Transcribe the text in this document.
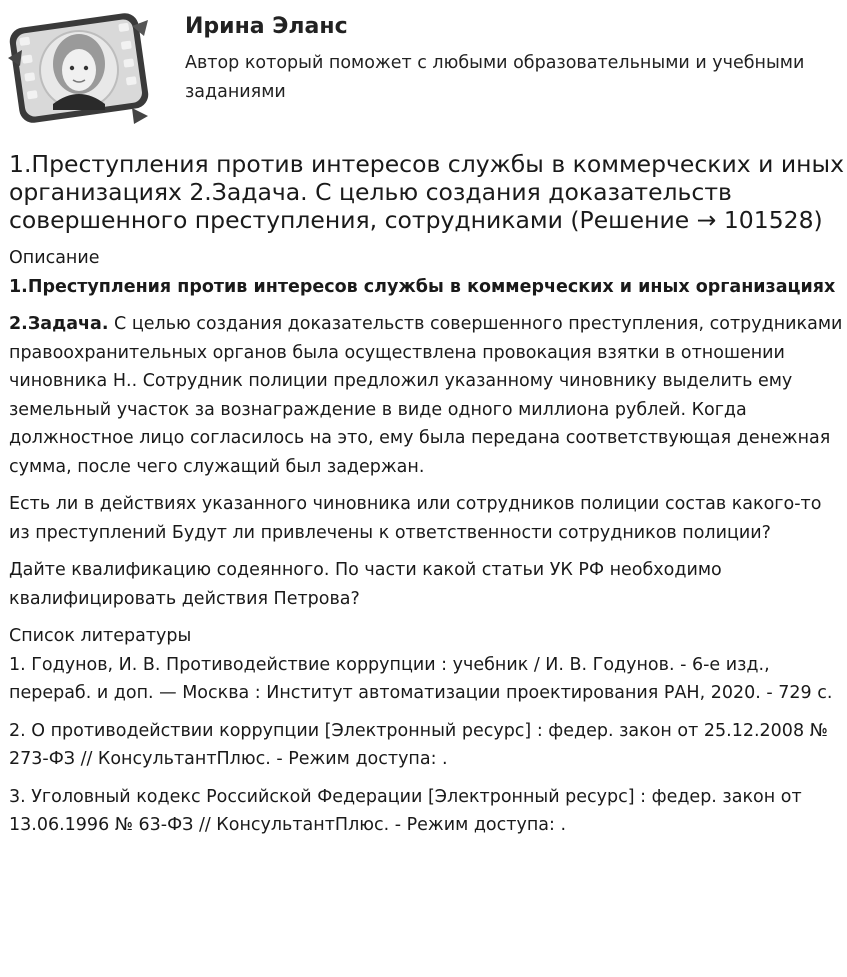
Ирина Эланс

Автор который поможет с любыми образовательными и учебными заданиями

1.Преступления против интересов службы в коммерческих и иных организациях 2.Задача. С целью создания доказательств совершенного преступления, сотрудниками (Решение → 101528)

Описание

1.Преступления против интересов службы в коммерческих и иных организациях

2.Задача. С целью создания доказательств совершенного преступления, сотрудниками правоохранительных органов была осуществлена провокация взятки в отношении чиновника Н.. Сотрудник полиции предложил указанному чиновнику выделить ему земельный участок за вознаграждение в виде одного миллиона рублей. Когда должностное лицо согласилось на это, ему была передана соответствующая денежная сумма, после чего служащий был задержан.

Есть ли в действиях указанного чиновника или сотрудников полиции состав какого-то из преступлений Будут ли привлечены к ответственности сотрудников полиции?

Дайте квалификацию содеянного. По части какой статьи УК РФ необходимо квалифицировать действия Петрова?

Список литературы

1. Годунов, И. В. Противодействие коррупции : учебник / И. В. Годунов. - 6-е изд., перераб. и доп. — Москва : Институт автоматизации проектирования РАН, 2020. - 729 с.

2. О противодействии коррупции [Электронный ресурс] : федер. закон от 25.12.2008 № 273-ФЗ // КонсультантПлюс. - Режим доступа: .

3. Уголовный кодекс Российской Федерации [Электронный ресурс] : федер. закон от 13.06.1996 № 63-ФЗ // КонсультантПлюс. - Режим доступа: .
